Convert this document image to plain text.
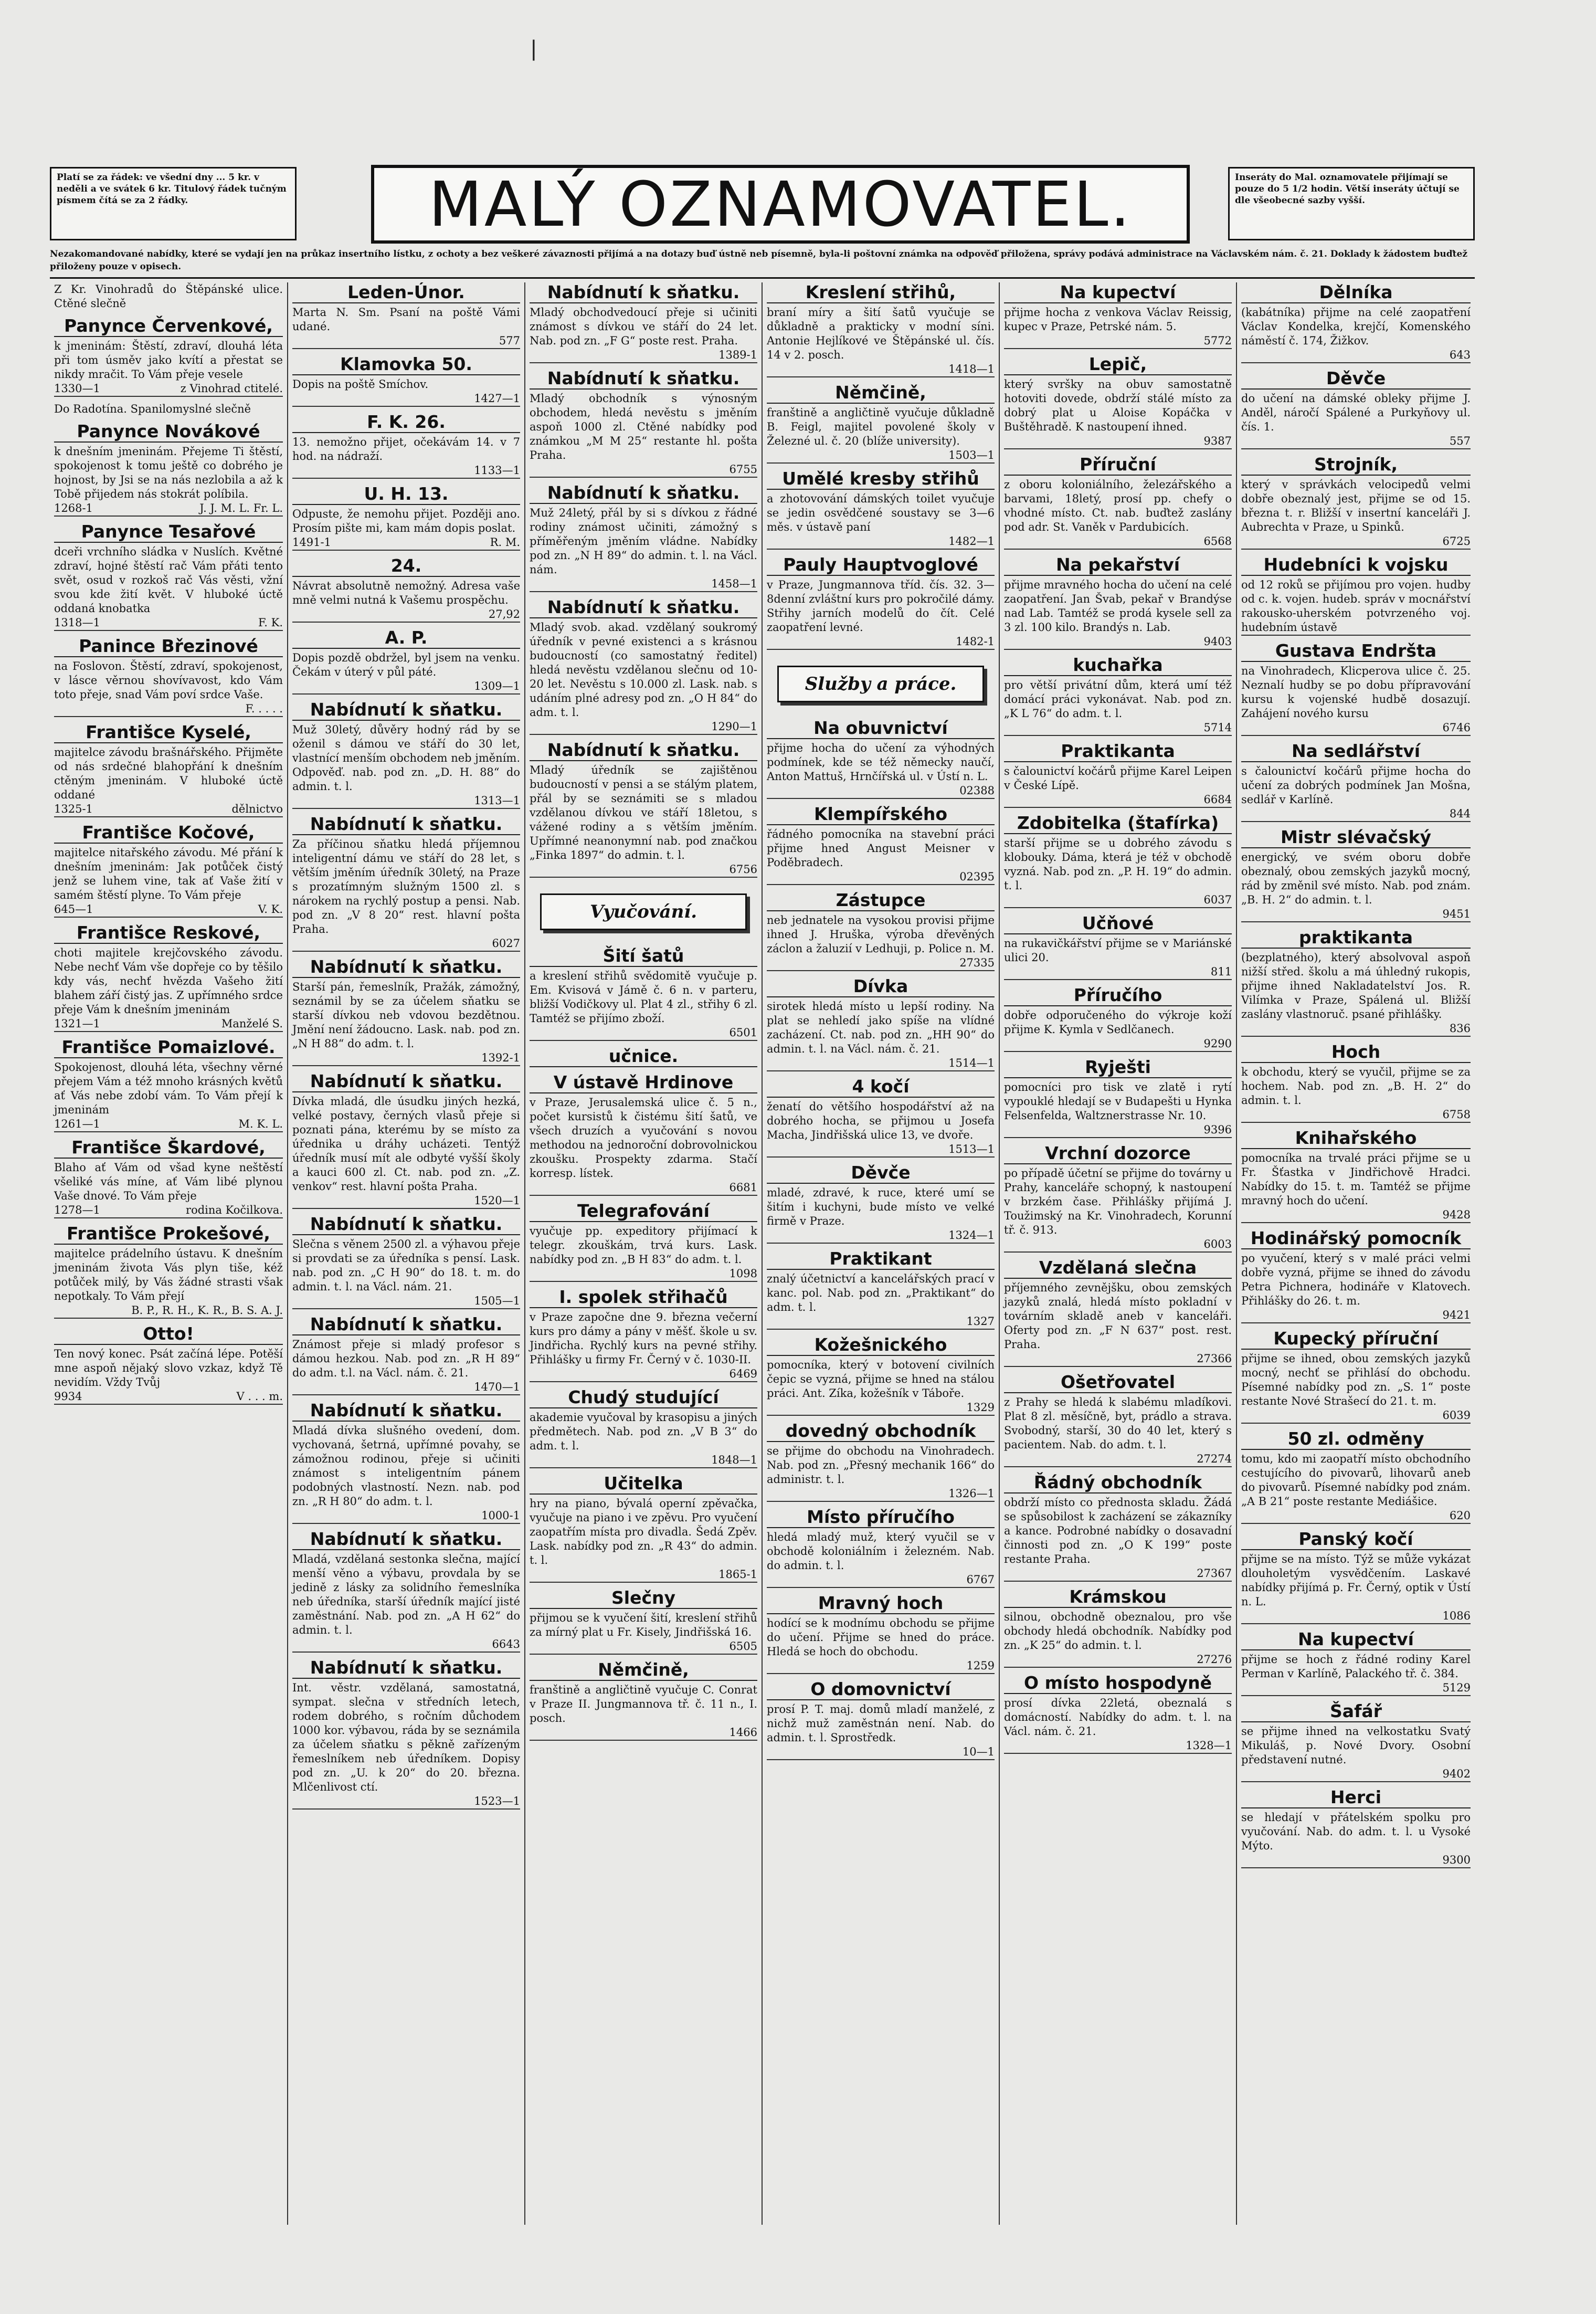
Platí se za řádek: ve všední dny ... 5 kr. v neděli a ve svátek 6 kr. Titulový řádek tučným písmem čítá se za 2 řádky.	MALÝ OZNAMOVATEL.	Inseráty do Mal. oznamovatele přijímají se pouze do 5 1/2 hodin. Větší inseráty účtují se dle všeobecné sazby vyšší.
Nezakomandované nabídky, které se vydají jen na průkaz insertního lístku, z ochoty a bez veškeré závaznosti přijímá a na dotazy buď ústně neb písemně, byla-li poštovní známka na odpověď přiložena, správy podává administrace na Václavském nám. č. 21. Doklady k žádostem buďtež přiloženy pouze v opisech.
Z Kr. Vinohradů do Štěpánské ulice. Ctěné slečně
Panynce Červenkové,
k jmeninám: Štěstí, zdraví, dlouhá léta při tom úsměv jako kvítí a přestat se nikdy mračit. To Vám přeje vesele
1330—1	z Vinohrad ctitelé.
Do Radotína. Spanilomyslné slečně
Panynce Novákové
k dnešním jmeninám. Přejeme Ti štěstí, spokojenost k tomu ještě co dobrého je hojnost, by Jsi se na nás nezlobila a až k Tobě přijedem nás stokrát políbila.
1268-1	J. J. M. L. Fr. L.
Panynce Tesařové
dceři vrchního sládka v Nuslích. Květné zdraví, hojné štěstí rač Vám přáti tento svět, osud v rozkoš rač Vás věsti, vžní svou kde žití květ. V hluboké úctě oddaná knobatka
1318—1	F. K.
Panince Březinové
na Foslovon. Štěstí, zdraví, spokojenost, v lásce věrnou shovívavost, kdo Vám toto přeje, snad Vám poví srdce Vaše.
F. . . . .
Františce Kyselé,
majitelce závodu brašnářského. Přijměte od nás srdečné blahopřání k dnešním ctěným jmeninám. V hluboké úctě oddané
1325-1	dělnictvo
Františce Kočové,
majitelce nitařského závodu. Mé přání k dnešním jmeninám: Jak potůček čistý jenž se luhem vine, tak ať Vaše žití v samém štěstí plyne. To Vám přeje
645—1	V. K.
Františce Reskové,
choti majitele krejčovského závodu. Nebe nechť Vám vše dopřeje co by těšilo kdy vás, nechť hvězda Vašeho žití blahem září čistý jas. Z upřímného srdce přeje Vám k dnešním jmeninám
1321—1	Manželé S.
Františce Pomaizlové.
Spokojenost, dlouhá léta, všechny věrné přejem Vám a též mnoho krásných květů ať Vás nebe zdobí vám. To Vám přejí k jmeninám
1261—1	M. K. L.
Františce Škardové,
Blaho ať Vám od všad kyne neštěstí všeliké vás míne, ať Vám libé plynou Vaše dnové. To Vám přeje
1278—1	rodina Kočilkova.
Františce Prokešové,
majitelce prádelního ústavu. K dnešním jmeninám života Vás plyn tiše, kéž potůček milý, by Vás žádné strasti však nepotkaly. To Vám přejí
B. P., R. H., K. R., B. S. A. J.
Otto!
Ten nový konec. Psát začíná lépe. Potěší mne aspoň nějaký slovo vzkaz, když Tě nevidím. Vždy Tvůj
9934	V . . . m.
Leden-Únor.
Marta N. Sm. Psaní na poště Vámi udané.
577
Klamovka 50.
Dopis na poště Smíchov.
1427—1
F. K. 26.
13. nemožno přijet, očekávám 14. v 7 hod. na nádraží.
1133—1
U. H. 13.
Odpuste, že nemohu přijet. Později ano. Prosím pište mi, kam mám dopis poslat.
1491-1	R. M.
24.
Návrat absolutně nemožný. Adresa vaše mně velmi nutná k Vašemu prospěchu.
27,92
A. P.
Dopis pozdě obdržel, byl jsem na venku. Čekám v úterý v půl páté.
1309—1
Nabídnutí k sňatku.
Muž 30letý, důvěry hodný rád by se oženil s dámou ve stáří do 30 let, vlastnící menším obchodem neb jměním. Odpověď. nab. pod zn. „D. H. 88“ do admin. t. l.
1313—1
Nabídnutí k sňatku.
Za příčinou sňatku hledá příjemnou inteligentní dámu ve stáří do 28 let, s větším jměním úředník 30letý, na Praze s prozatímným služným 1500 zl. s nárokem na rychlý postup a pensi. Nab. pod zn. „V 8 20“ rest. hlavní pošta Praha.
6027
Nabídnutí k sňatku.
Starší pán, řemeslník, Pražák, zámožný, seznámil by se za účelem sňatku se starší dívkou neb vdovou bezdětnou. Jmění není žádoucno. Lask. nab. pod zn. „N H 88“ do adm. t. l.
1392-1
Nabídnutí k sňatku.
Dívka mladá, dle úsudku jiných hezká, velké postavy, černých vlasů přeje si poznati pána, kterému by se místo za úřednika u dráhy ucházeti. Tentýž úředník musí mít ale odbyté vyšší školy a kauci 600 zl. Ct. nab. pod zn. „Z. venkov“ rest. hlavní pošta Praha.
1520—1
Nabídnutí k sňatku.
Slečna s věnem 2500 zl. a výhavou přeje si provdati se za úředníka s pensí. Lask. nab. pod zn. „C H 90“ do 18. t. m. do admin. t. l. na Václ. nám. 21.
1505—1
Nabídnutí k sňatku.
Známost přeje si mladý profesor s dámou hezkou. Nab. pod zn. „R H 89“ do adm. t.l. na Václ. nám. č. 21.
1470—1
Nabídnutí k sňatku.
Mladá dívka slušného ovedení, dom. vychovaná, šetrná, upřímné povahy, se zámožnou rodinou, přeje si učiniti známost s inteligentním pánem podobných vlastností. Nezn. nab. pod zn. „R H 80“ do adm. t. l.
1000-1
Nabídnutí k sňatku.
Mladá, vzdělaná sestonka slečna, mající menší věno a výbavu, provdala by se jedině z lásky za solidního řemeslníka neb úředníka, starší úředník mající jisté zaměstnání. Nab. pod zn. „A H 62“ do admin. t. l.
6643
Nabídnutí k sňatku.
Int. věstr. vzdělaná, samostatná, sympat. slečna v středních letech, rodem dobrého, s ročním důchodem 1000 kor. výbavou, ráda by se seznámila za účelem sňatku s pěkně zařízeným řemeslníkem neb úředníkem. Dopisy pod zn. „U. k 20“ do 20. března. Mlčenlivost ctí.
1523—1
Nabídnutí k sňatku.
Mladý obchodvedoucí přeje si učiniti známost s dívkou ve stáří do 24 let. Nab. pod zn. „F G“ poste rest. Praha.
1389-1
Nabídnutí k sňatku.
Mladý obchodník s výnosným obchodem, hledá nevěstu s jměním aspoň 1000 zl. Ctěné nabídky pod známkou „M M 25“ restante hl. pošta Praha.
6755
Nabídnutí k sňatku.
Muž 24letý, přál by si s dívkou z řádné rodiny známost učiniti, zámožný s příměřeným jměním vládne. Nabídky pod zn. „N H 89“ do admin. t. l. na Václ. nám.
1458—1
Nabídnutí k sňatku.
Mladý svob. akad. vzdělaný soukromý úředník v pevné existenci a s krásnou budoucností (co samostatný ředitel) hledá nevěstu vzdělanou slečnu od 10-20 let. Nevěstu s 10.000 zl. Lask. nab. s udáním plné adresy pod zn. „O H 84“ do adm. t. l.
1290—1
Nabídnutí k sňatku.
Mladý úředník se zajištěnou budoucností v pensi a se stálým platem, přál by se seznámiti se s mladou vzdělanou dívkou ve stáří 18letou, s vážené rodiny a s větším jměním. Upřímné neanonymní nab. pod značkou „Finka 1897“ do admin. t. l.
6756
Vyučování.
Šití šatů
a kreslení střihů svědomitě vyučuje p. Em. Kvisová v Jámě č. 6 n. v parteru, bližší Vodičkovy ul. Plat 4 zl., střihy 6 zl. Tamtéž se přijímo zboží.
6501
učnice.
V ústavě Hrdinove
v Praze, Jerusalemská ulice č. 5 n., počet kursistů k čistému šití šatů, ve všech druzích a vyučování s novou methodou na jednoroční dobrovolnickou zkoušku. Prospekty zdarma. Stačí korresp. lístek.
6681
Telegrafování
vyučuje pp. expeditory přijímací k telegr. zkouškám, trvá kurs. Lask. nabídky pod zn. „B H 83“ do adm. t. l.
1098
I. spolek střihačů
v Praze započne dne 9. března večerní kurs pro dámy a pány v měšť. škole u sv. Jindřicha. Rychlý kurs na pevné střihy. Přihlášky u firmy Fr. Černý v č. 1030-II.
6469
Chudý studující
akademie vyučoval by krasopisu a jiných předmětech. Nab. pod zn. „V B 3“ do adm. t. l.
1848—1
Učitelka
hry na piano, bývalá operní zpěvačka, vyučuje na piano i ve zpěvu. Pro vyučení zaopatřím místa pro divadla. Šedá Zpěv. Lask. nabídky pod zn. „R 43“ do admin. t. l.
1865-1
Slečny
přijmou se k vyučení šití, kreslení střihů za mírný plat u Fr. Kisely, Jindřišská 16.
6505
Němčině,
franštině a angličtině vyučuje C. Conrat v Praze II. Jungmannova tř. č. 11 n., I. posch.
1466
Kreslení střihů,
braní míry a šití šatů vyučuje se důkladně a prakticky v modní síni. Antonie Hejlíkové ve Štěpánské ul. čís. 14 v 2. posch.
1418—1
Němčině,
franštině a angličtině vyučuje důkladně B. Feigl, majitel povolené školy v Železné ul. č. 20 (blíže university).
1503—1
Umělé kresby střihů
a zhotovování dámských toilet vyučuje se jedin osvědčené soustavy se 3—6 měs. v ústavě paní
1482—1
Pauly Hauptvoglové
v Praze, Jungmannova tříd. čís. 32. 3—8denní zvláštní kurs pro pokročilé dámy. Střihy jarních modelů do čít. Celé zaopatření levné.
1482-1
Služby a práce.
Na obuvnictví
přijme hocha do učení za výhodných podmínek, kde se též německy naučí, Anton Mattuš, Hrnčířská ul. v Ústí n. L.
02388
Klempířského
řádného pomocníka na stavební práci přijme hned Angust Meisner v Poděbradech.
02395
Zástupce
neb jednatele na vysokou provisi přijme ihned J. Hruška, výroba dřevěných záclon a žaluzií v Ledhuji, p. Police n. M.
27335
Dívka
sirotek hledá místo u lepší rodiny. Na plat se nehledí jako spíše na vlídné zacházení. Ct. nab. pod zn. „HH 90“ do admin. t. l. na Václ. nám. č. 21.
1514—1
4 kočí
ženatí do většího hospodářství až na dobrého hocha, se přijmou u Josefa Macha, Jindřišská ulice 13, ve dvoře.
1513—1
Děvče
mladé, zdravé, k ruce, které umí se šitím i kuchyni, bude místo ve velké firmě v Praze.
1324—1
Praktikant
znalý účetnictví a kancelářských prací v kanc. pol. Nab. pod zn. „Praktikant“ do adm. t. l.
1327
Kožešnického
pomocníka, který v botovení civilních čepic se vyzná, přijme se hned na stálou práci. Ant. Zíka, kožešník v Táboře.
1329
dovedný obchodník
se přijme do obchodu na Vinohradech. Nab. pod zn. „Přesný mechanik 166“ do administr. t. l.
1326—1
Místo příručího
hledá mladý muž, který vyučil se v obchodě koloniálním i železném. Nab. do admin. t. l.
6767
Mravný hoch
hodící se k modnímu obchodu se přijme do učení. Přijme se hned do práce. Hledá se hoch do obchodu.
1259
O domovnictví
prosí P. T. maj. domů mladí manželé, z nichž muž zaměstnán není. Nab. do admin. t. l. Sprostředk.
10—1
Na kupectví
přijme hocha z venkova Václav Reissig, kupec v Praze, Petrské nám. 5.
5772
Lepič,
který svršky na obuv samostatně hotoviti dovede, obdrží stálé místo za dobrý plat u Aloise Kopáčka v Buštěhradě. K nastoupení ihned.
9387
Příruční
z oboru koloniálního, železářského a barvami, 18letý, prosí pp. chefy o vhodné místo. Ct. nab. buďtež zaslány pod adr. St. Vaněk v Pardubicích.
6568
Na pekařství
přijme mravného hocha do učení na celé zaopatření. Jan Švab, pekař v Brandýse nad Lab. Tamtéž se prodá kysele sell za 3 zl. 100 kilo. Brandýs n. Lab.
9403
kuchařka
pro větší privátní dům, která umí též domácí práci vykonávat. Nab. pod zn. „K L 76“ do adm. t. l.
5714
Praktikanta
s čalounictví kočárů přijme Karel Leipen v České Lípě.
6684
Zdobitelka (štafírka)
starší přijme se u dobrého závodu s klobouky. Dáma, která je též v obchodě vyzná. Nab. pod zn. „P. H. 19“ do admin. t. l.
6037
Učňové
na rukavičkářství přijme se v Mariánské ulici 20.
811
Příručího
dobře odporučeného do výkroje koží přijme K. Kymla v Sedlčanech.
9290
Ryješti
pomocníci pro tisk ve zlatě i rytí vypouklé hledají se v Budapešti u Hynka Felsenfelda, Waltznerstrasse Nr. 10.
9396
Vrchní dozorce
po případě účetní se přijme do továrny u Prahy, kanceláře schopný, k nastoupení v brzkém čase. Přihlášky přijímá J. Toužimský na Kr. Vinohradech, Korunní tř. č. 913.
6003
Vzdělaná slečna
příjemného zevnějšku, obou zemských jazyků znalá, hledá místo pokladní v továrním skladě aneb v kanceláři. Oferty pod zn. „F N 637“ post. rest. Praha.
27366
Ošetřovatel
z Prahy se hledá k slabému mladíkovi. Plat 8 zl. měsíčně, byt, prádlo a strava. Svobodný, starší, 30 do 40 let, který s pacientem. Nab. do adm. t. l.
27274
Řádný obchodník
obdrží místo co přednosta skladu. Žádá se spůsobilost k zacházení se zákazníky a kance. Podrobné nabídky o dosavadní činnosti pod zn. „O K 199“ poste restante Praha.
27367
Krámskou
silnou, obchodně obeznalou, pro vše obchody hledá obchodník. Nabídky pod zn. „K 25“ do admin. t. l.
27276
O místo hospodyně
prosí dívka 22letá, obeznalá s domácností. Nabídky do adm. t. l. na Václ. nám. č. 21.
1328—1
Dělníka
(kabátníka) přijme na celé zaopatření Václav Kondelka, krejčí, Komenského náměstí č. 174, Žižkov.
643
Děvče
do učení na dámské obleky přijme J. Anděl, náročí Spálené a Purkyňovy ul. čís. 1.
557
Strojník,
který v správkách velocipedů velmi dobře obeznalý jest, přijme se od 15. března t. r. Bližší v insertní kanceláři J. Aubrechta v Praze, u Spinků.
6725
Hudebníci k vojsku
od 12 roků se přijímou pro vojen. hudby od c. k. vojen. hudeb. správ v mocnářství rakousko-uherském potvrzeného voj. hudebním ústavě
Gustava Endršta
na Vinohradech, Klicperova ulice č. 25. Neznalí hudby se po dobu přípravování kursu k vojenské hudbě dosazují. Zahájení nového kursu
6746
Na sedlářství
s čalounictví kočárů přijme hocha do učení za dobrých podmínek Jan Mošna, sedlář v Karlíně.
844
Mistr slévačský
energický, ve svém oboru dobře obeznalý, obou zemských jazyků mocný, rád by změnil své místo. Nab. pod znám. „B. H. 2“ do admin. t. l.
9451
praktikanta
(bezplatného), který absolvoval aspoň nižší střed. školu a má úhledný rukopis, přijme ihned Nakladatelství Jos. R. Vilímka v Praze, Spálená ul. Bližší zaslány vlastnoruč. psané přihlášky.
836
Hoch
k obchodu, který se vyučil, přijme se za hochem. Nab. pod zn. „B. H. 2“ do admin. t. l.
6758
Knihařského
pomocníka na trvalé práci přijme se u Fr. Šťastka v Jindřichově Hradci. Nabídky do 15. t. m. Tamtéž se přijme mravný hoch do učení.
9428
Hodinářský pomocník
po vyučení, který s v malé práci velmi dobře vyzná, přijme se ihned do závodu Petra Pichnera, hodináře v Klatovech. Přihlášky do 26. t. m.
9421
Kupecký příruční
přijme se ihned, obou zemských jazyků mocný, nechť se přihlásí do obchodu. Písemné nabídky pod zn. „S. 1“ poste restante Nové Strašecí do 21. t. m.
6039
50 zl. odměny
tomu, kdo mi zaopatří místo obchodního cestujícího do pivovarů, lihovarů aneb do pivovarů. Písemné nabídky pod znám. „A B 21“ poste restante Mediášice.
620
Panský kočí
přijme se na místo. Týž se může vykázat dlouholetým vysvědčením. Laskavé nabídky přijímá p. Fr. Černý, optik v Ústí n. L.
1086
Na kupectví
přijme se hoch z řádné rodiny Karel Perman v Karlíně, Palackého tř. č. 384.
5129
Šafář
se přijme ihned na velkostatku Svatý Mikuláš, p. Nové Dvory. Osobní představení nutné.
9402
Herci
se hledají v přátelském spolku pro vyučování. Nab. do adm. t. l. u Vysoké Mýto.
9300
❘
